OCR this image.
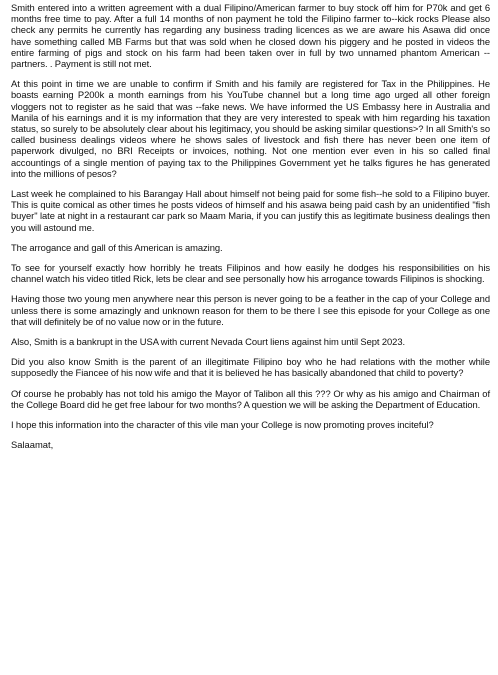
Smith entered into a written agreement with a dual Filipino/American farmer to buy stock off him for P70k and get 6 months free time to pay. After a full 14 months of non payment he told the Filipino farmer to--kick rocks Please also check any permits he currently has regarding any business trading licences as we are aware his Asawa did once have something called MB Farms but that was sold when he closed down his piggery and he posted in videos the entire farming of pigs and stock on his farm had been taken over in full by two unnamed phantom American --partners. . Payment is still not met.

At this point in time we are unable to confirm if Smith and his family are registered for Tax in the Philippines. He boasts earning P200k a month earnings from his YouTube channel but a long time ago urged all other foreign vloggers not to register as he said that was --fake news. We have informed the US Embassy here in Australia and Manila of his earnings and it is my information that they are very interested to speak with him regarding his taxation status, so surely to be absolutely clear about his legitimacy, you should be asking similar questions>? In all Smith's so called business dealings videos where he shows sales of livestock and fish there has never been one item of paperwork divulged, no BRI Receipts or invoices, nothing. Not one mention ever even in his so called final accountings of a single mention of paying tax to the Philippines Government yet he talks figures he has generated into the millions of pesos?

Last week he complained to his Barangay Hall about himself not being paid for some fish--he sold to a Filipino buyer. This is quite comical as other times he posts videos of himself and his asawa being paid cash by an unidentified "fish buyer" late at night in a restaurant car park so Maam Maria, if you can justify this as legitimate business dealings then you will astound me.

The arrogance and gall of this American is amazing.

To see for yourself exactly how horribly he treats Filipinos and how easily he dodges his responsibilities on his channel watch his video titled Rick, lets be clear and see personally how his arrogance towards Filipinos is shocking.

Having those two young men anywhere near this person is never going to be a feather in the cap of your College and unless there is some amazingly and unknown reason for them to be there I see this episode for your College as one that will definitely be of no value now or in the future.

Also, Smith is a bankrupt in the USA with current Nevada Court liens against him until Sept 2023.

Did you also know Smith is the parent of an illegitimate Filipino boy who he had relations with the mother while supposedly the Fiancee of his now wife and that it is believed he has basically abandoned that child to poverty?

Of course he probably has not told his amigo the Mayor of Talibon all this ??? Or why as his amigo and Chairman of the College Board did he get free labour for two months? A question we will be asking the Department of Education.

I hope this information into the character of this vile man your College is now promoting proves inciteful?

Salaamat,
